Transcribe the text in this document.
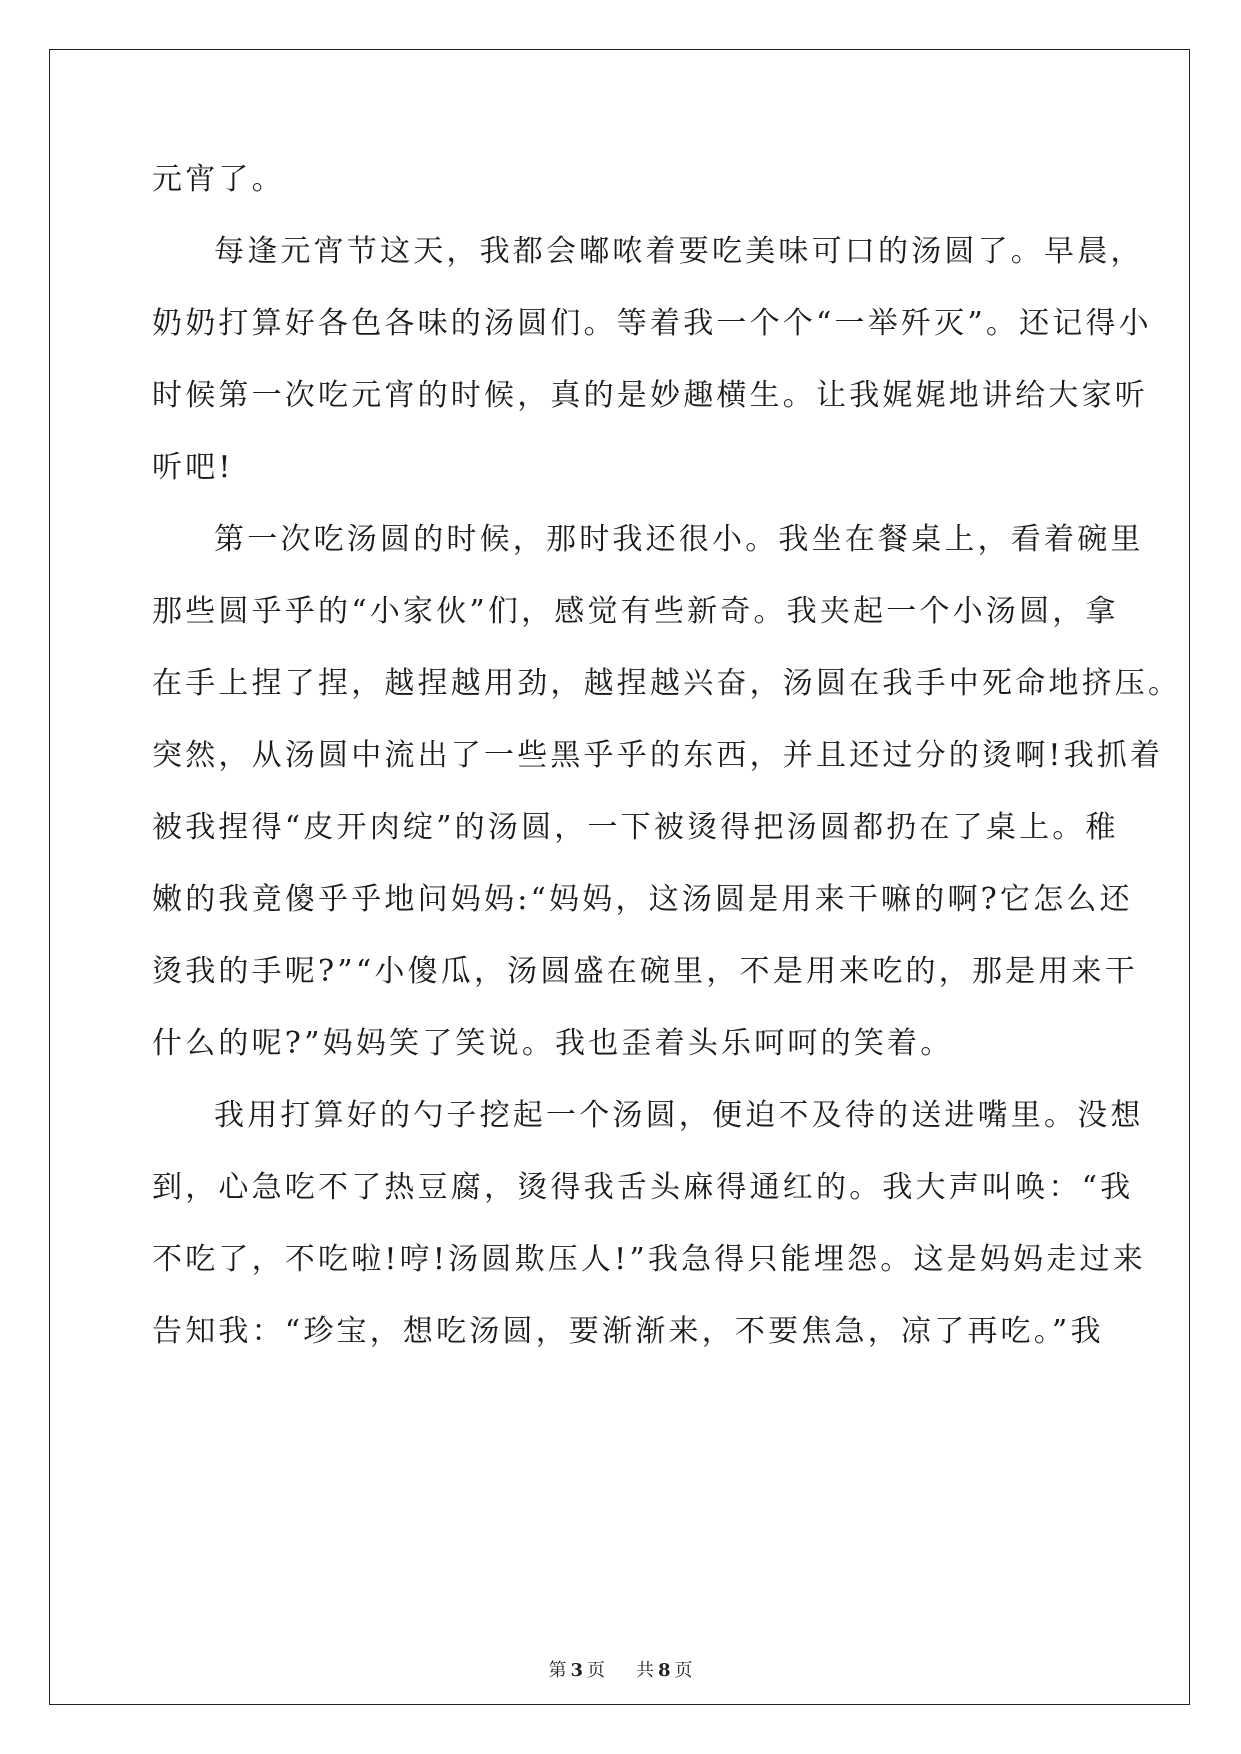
元宵了。
每逢元宵节这天，我都会嘟哝着要吃美味可口的汤圆了。早晨，
奶奶打算好各色各味的汤圆们。等着我一个个“一举歼灭”。还记得小
时候第一次吃元宵的时候，真的是妙趣横生。让我娓娓地讲给大家听
听吧!
第一次吃汤圆的时候，那时我还很小。我坐在餐桌上，看着碗里
那些圆乎乎的“小家伙”们，感觉有些新奇。我夹起一个小汤圆，拿
在手上捏了捏，越捏越用劲，越捏越兴奋，汤圆在我手中死命地挤压。
突然，从汤圆中流出了一些黑乎乎的东西，并且还过分的烫啊!我抓着
被我捏得“皮开肉绽”的汤圆，一下被烫得把汤圆都扔在了桌上。稚
嫩的我竟傻乎乎地问妈妈:“妈妈，这汤圆是用来干嘛的啊?它怎么还
烫我的手呢?”“小傻瓜，汤圆盛在碗里，不是用来吃的，那是用来干
什么的呢?”妈妈笑了笑说。我也歪着头乐呵呵的笑着。
我用打算好的勺子挖起一个汤圆，便迫不及待的送进嘴里。没想
到，心急吃不了热豆腐，烫得我舌头麻得通红的。我大声叫唤：“我
不吃了，不吃啦!哼!汤圆欺压人!”我急得只能埋怨。这是妈妈走过来
告知我：“珍宝，想吃汤圆，要渐渐来，不要焦急，凉了再吃。”我
第 3 页 共 8 页
